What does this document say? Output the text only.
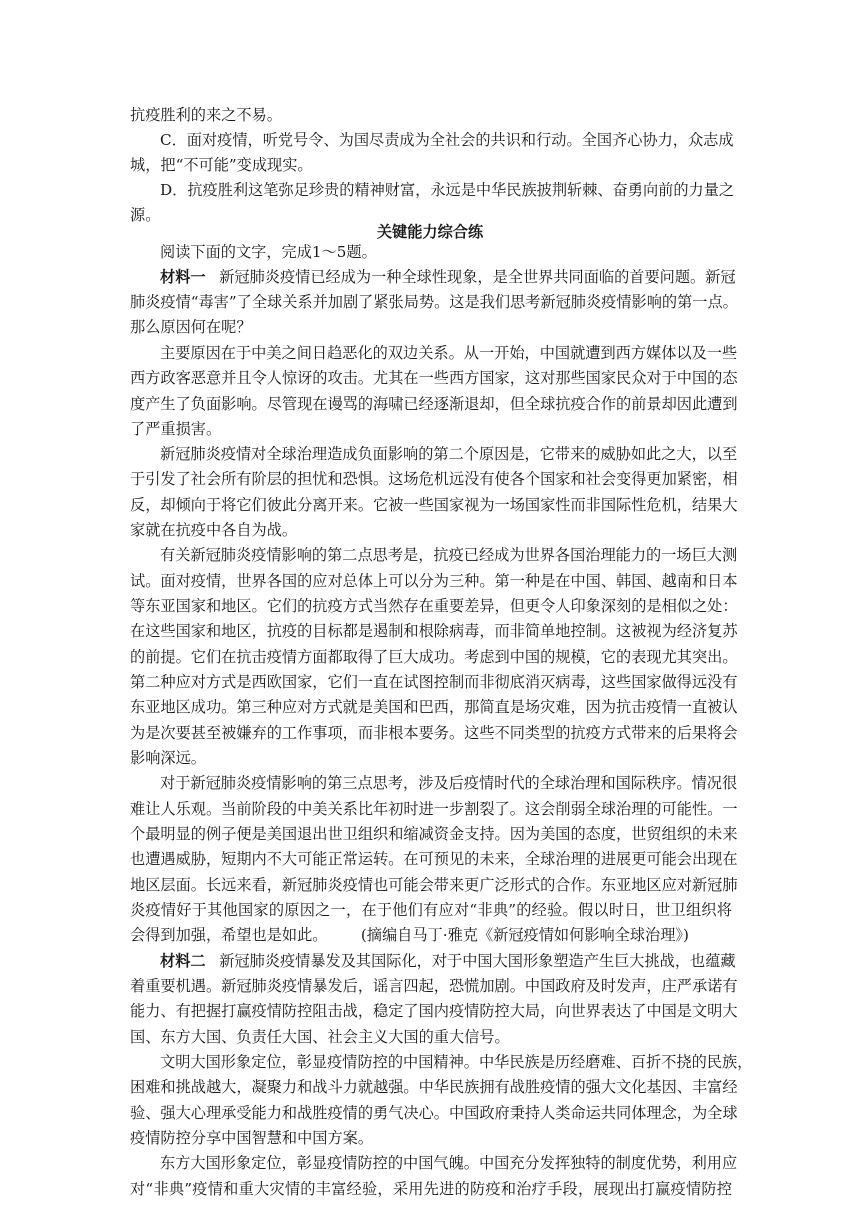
抗疫胜利的来之不易。
C．面对疫情，听党号令、为国尽责成为全社会的共识和行动。全国齐心协力，众志成
城，把“不可能”变成现实。
D．抗疫胜利这笔弥足珍贵的精神财富，永远是中华民族披荆斩棘、奋勇向前的力量之
源。
关键能力综合练
阅读下面的文字，完成1～5题。
材料一 新冠肺炎疫情已经成为一种全球性现象，是全世界共同面临的首要问题。新冠
肺炎疫情“毒害”了全球关系并加剧了紧张局势。这是我们思考新冠肺炎疫情影响的第一点。
那么原因何在呢？
主要原因在于中美之间日趋恶化的双边关系。从一开始，中国就遭到西方媒体以及一些
西方政客恶意并且令人惊讶的攻击。尤其在一些西方国家，这对那些国家民众对于中国的态
度产生了负面影响。尽管现在谩骂的海啸已经逐渐退却，但全球抗疫合作的前景却因此遭到
了严重损害。
新冠肺炎疫情对全球治理造成负面影响的第二个原因是，它带来的威胁如此之大，以至
于引发了社会所有阶层的担忧和恐惧。这场危机远没有使各个国家和社会变得更加紧密，相
反，却倾向于将它们彼此分离开来。它被一些国家视为一场国家性而非国际性危机，结果大
家就在抗疫中各自为战。
有关新冠肺炎疫情影响的第二点思考是，抗疫已经成为世界各国治理能力的一场巨大测
试。面对疫情，世界各国的应对总体上可以分为三种。第一种是在中国、韩国、越南和日本
等东亚国家和地区。它们的抗疫方式当然存在重要差异，但更令人印象深刻的是相似之处：
在这些国家和地区，抗疫的目标都是遏制和根除病毒，而非简单地控制。这被视为经济复苏
的前提。它们在抗击疫情方面都取得了巨大成功。考虑到中国的规模，它的表现尤其突出。
第二种应对方式是西欧国家，它们一直在试图控制而非彻底消灭病毒，这些国家做得远没有
东亚地区成功。第三种应对方式就是美国和巴西，那简直是场灾难，因为抗击疫情一直被认
为是次要甚至被嫌弃的工作事项，而非根本要务。这些不同类型的抗疫方式带来的后果将会
影响深远。
对于新冠肺炎疫情影响的第三点思考，涉及后疫情时代的全球治理和国际秩序。情况很
难让人乐观。当前阶段的中美关系比年初时进一步割裂了。这会削弱全球治理的可能性。一
个最明显的例子便是美国退出世卫组织和缩减资金支持。因为美国的态度，世贸组织的未来
也遭遇威胁，短期内不大可能正常运转。在可预见的未来，全球治理的进展更可能会出现在
地区层面。长远来看，新冠肺炎疫情也可能会带来更广泛形式的合作。东亚地区应对新冠肺
炎疫情好于其他国家的原因之一，在于他们有应对“非典”的经验。假以时日，世卫组织将
会得到加强，希望也是如此。 (摘编自马丁·雅克《新冠疫情如何影响全球治理》)
材料二 新冠肺炎疫情暴发及其国际化，对于中国大国形象塑造产生巨大挑战，也蕴藏
着重要机遇。新冠肺炎疫情暴发后，谣言四起，恐慌加剧。中国政府及时发声，庄严承诺有
能力、有把握打赢疫情防控阻击战，稳定了国内疫情防控大局，向世界表达了中国是文明大
国、东方大国、负责任大国、社会主义大国的重大信号。
文明大国形象定位，彰显疫情防控的中国精神。中华民族是历经磨难、百折不挠的民族，
困难和挑战越大，凝聚力和战斗力就越强。中华民族拥有战胜疫情的强大文化基因、丰富经
验、强大心理承受能力和战胜疫情的勇气决心。中国政府秉持人类命运共同体理念，为全球
疫情防控分享中国智慧和中国方案。
东方大国形象定位，彰显疫情防控的中国气魄。中国充分发挥独特的制度优势，利用应
对“非典”疫情和重大灾情的丰富经验，采用先进的防疫和治疗手段，展现出打赢疫情防控
